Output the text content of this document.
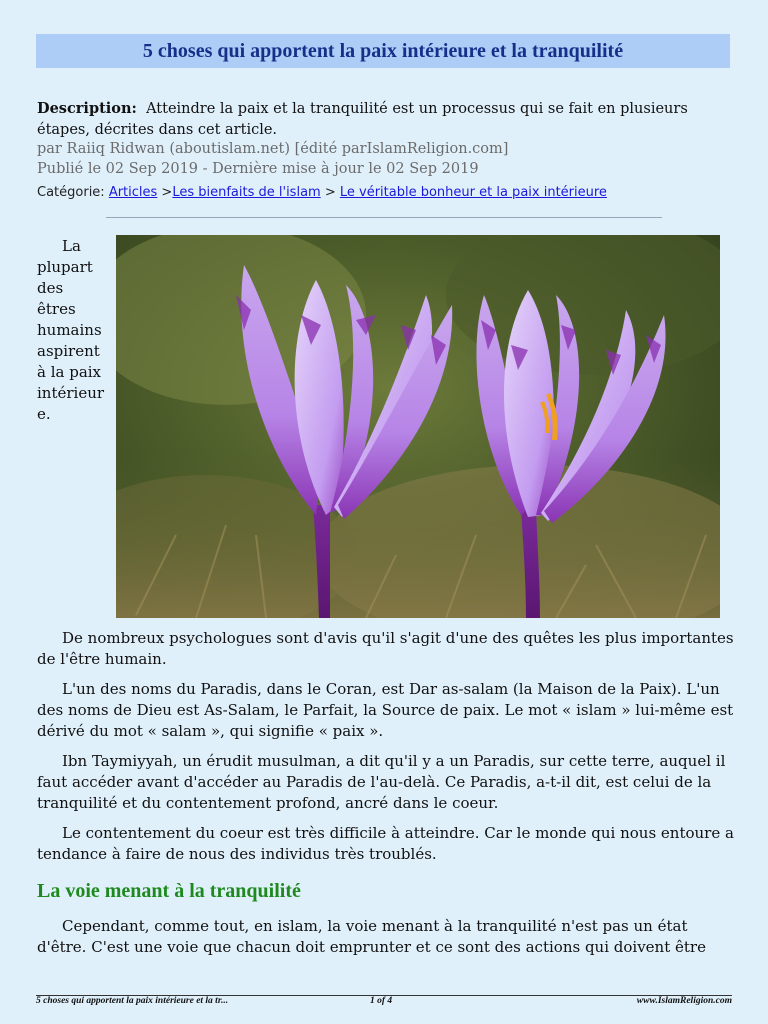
5 choses qui apportent la paix intérieure et la tranquilité
Description: Atteindre la paix et la tranquilité est un processus qui se fait en plusieurs étapes, décrites dans cet article.
par Raiiq Ridwan (aboutislam.net) [édité parIslamReligion.com]
Publié le 02 Sep 2019 - Dernière mise à jour le 02 Sep 2019
Catégorie: Articles >Les bienfaits de l'islam > Le véritable bonheur et la paix intérieure
La
plupart
des
êtres
humains
aspirent
à la paix
intérieur
e.

De nombreux psychologues sont d'avis qu'il s'agit d'une des quêtes les plus importantes de l'être humain.

L'un des noms du Paradis, dans le Coran, est Dar as-salam (la Maison de la Paix). L'un des noms de Dieu est As-Salam, le Parfait, la Source de paix. Le mot « islam » lui-même est dérivé du mot « salam », qui signifie « paix ».

Ibn Taymiyyah, un érudit musulman, a dit qu'il y a un Paradis, sur cette terre, auquel il faut accéder avant d'accéder au Paradis de l'au-delà. Ce Paradis, a-t-il dit, est celui de la tranquilité et du contentement profond, ancré dans le coeur.

Le contentement du coeur est très difficile à atteindre. Car le monde qui nous entoure a tendance à faire de nous des individus très troublés.

La voie menant à la tranquilité

Cependant, comme tout, en islam, la voie menant à la tranquilité n'est pas un état d'être. C'est une voie que chacun doit emprunter et ce sont des actions qui doivent être

5 choses qui apportent la paix intérieure et la tr...	1 of 4	www.IslamReligion.com
